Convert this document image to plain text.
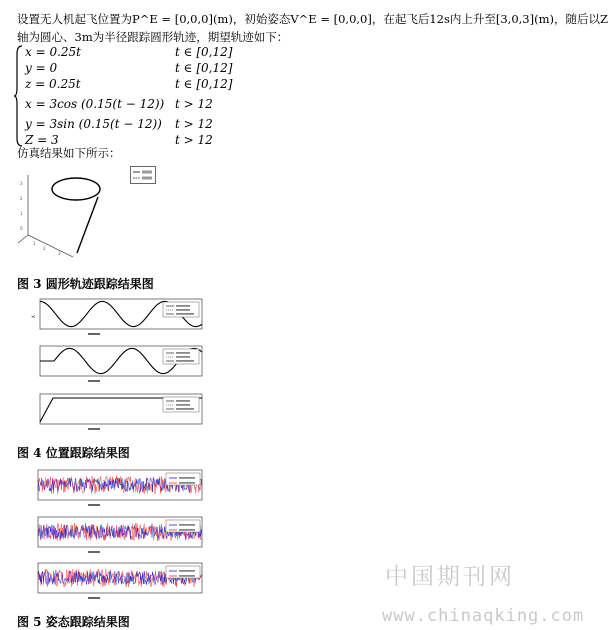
设置无人机起飞位置为P^E = [0,0,0](m)，初始姿态V^E = [0,0,0]，在起飞后12s内上升至[3,0,3](m)，随后以Z
轴为圆心、3m为半径跟踪圆形轨迹，期望轨迹如下：
x = 0.25t	t ∈ [0,12]
y = 0	t ∈ [0,12]
z = 0.25t	t ∈ [0,12]
x = 3cos (0.15(t − 12)) t > 12
y = 3sin (0.15(t − 12)) t > 12
Z = 3	t > 12
仿真结果如下所示：
3
2
1
0
1
2
3
图 3 圆形轨迹跟踪结果图
X
图 4 位置跟踪结果图
图 5 姿态跟踪结果图
中国期刊网
www.chinaqking.com
